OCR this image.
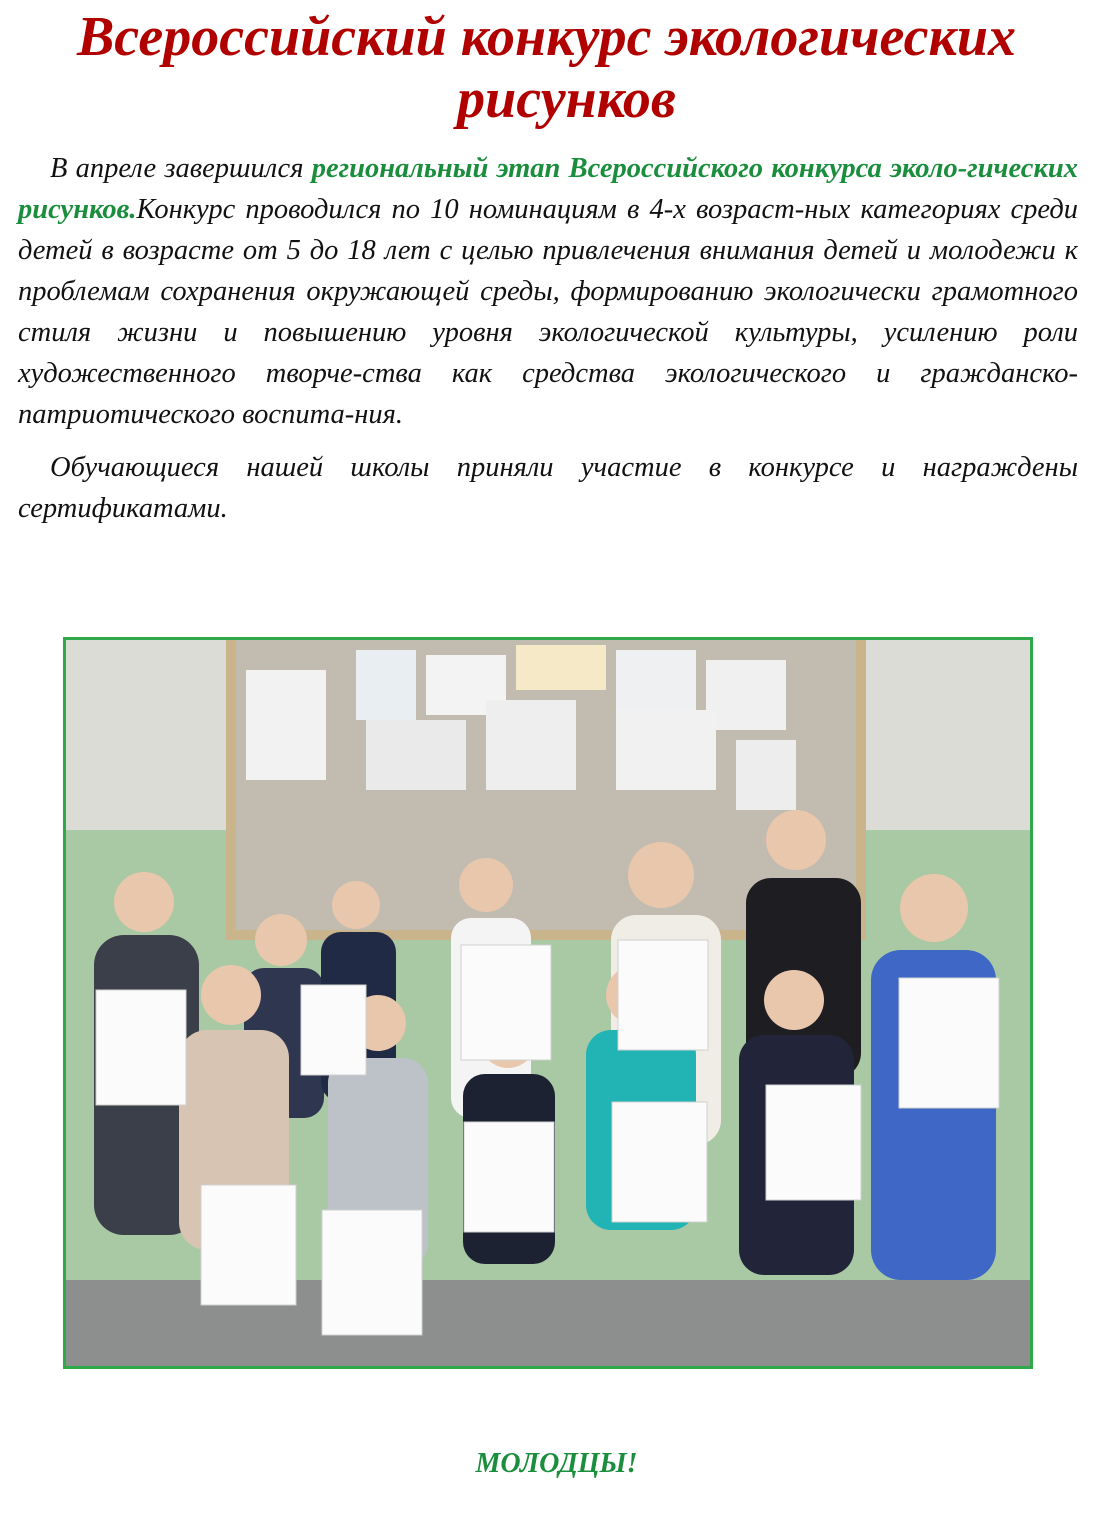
Всероссийский конкурс экологических
рисунков

В апреле завершился региональный этап Всероссийского конкурса эколо-гических рисунков.Конкурс проводился по 10 номинациям в 4-х возраст-ных категориях среди детей в возрасте от 5 до 18 лет с целью привлечения внимания детей и молодежи к проблемам сохранения окружающей среды, формированию экологически грамотного стиля жизни и повышению уровня экологической культуры, усилению роли художественного творче-ства как средства экологического и гражданско-патриотического воспита-ния.

Обучающиеся нашей школы приняли участие в конкурсе и награждены сертификатами.

МОЛОДЦЫ!
